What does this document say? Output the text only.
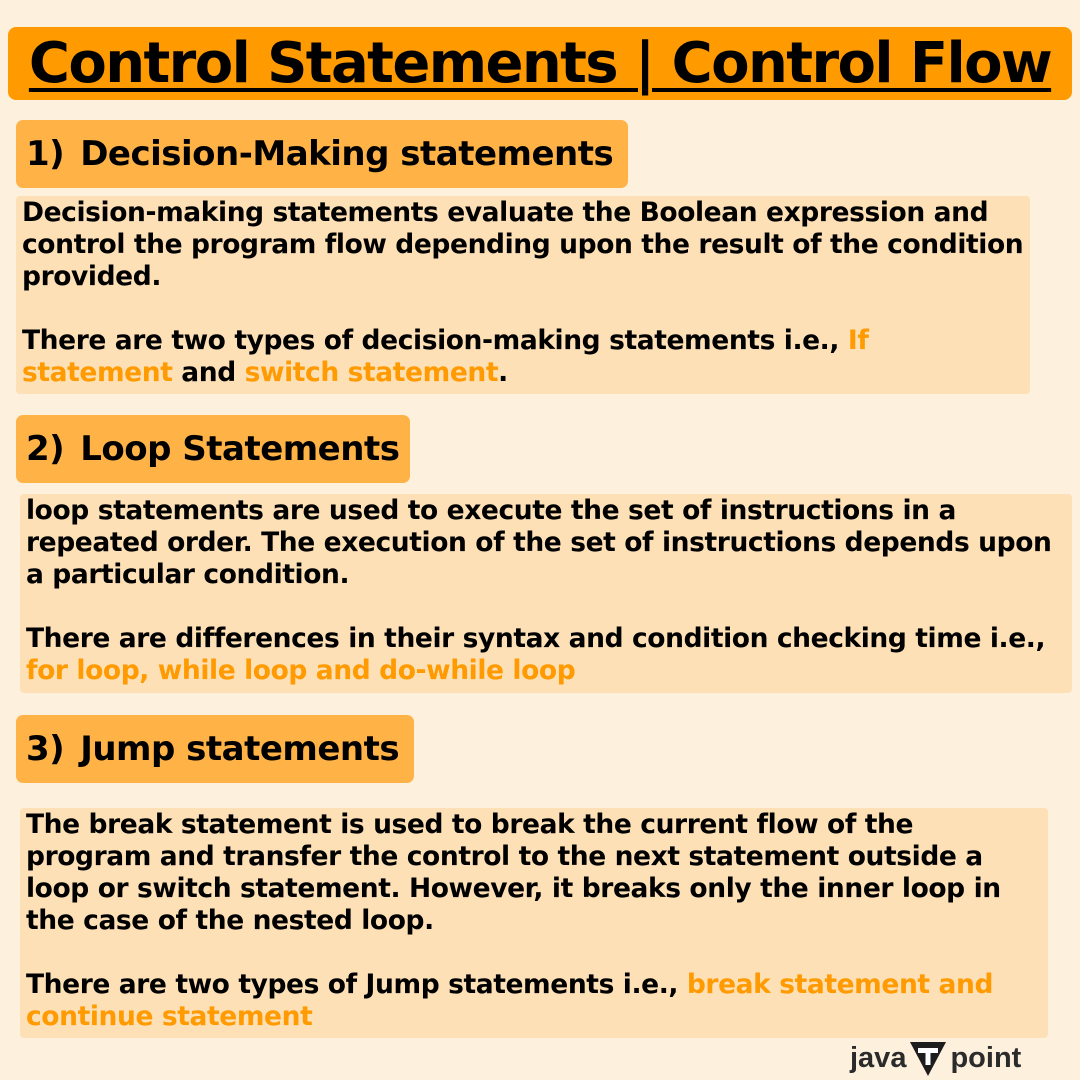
Control Statements | Control Flow
1) Decision-Making statements

Decision-making statements evaluate the Boolean expression and control the program flow depending upon the result of the condition provided.

There are two types of decision-making statements i.e., If statement and switch statement.

2) Loop Statements

loop statements are used to execute the set of instructions in a repeated order. The execution of the set of instructions depends upon a particular condition.

There are differences in their syntax and condition checking time i.e., for loop, while loop and do-while loop

3) Jump statements

The break statement is used to break the current flow of the program and transfer the control to the next statement outside a loop or switch statement. However, it breaks only the inner loop in the case of the nested loop.

There are two types of Jump statements i.e., break statement and continue statement

java point
